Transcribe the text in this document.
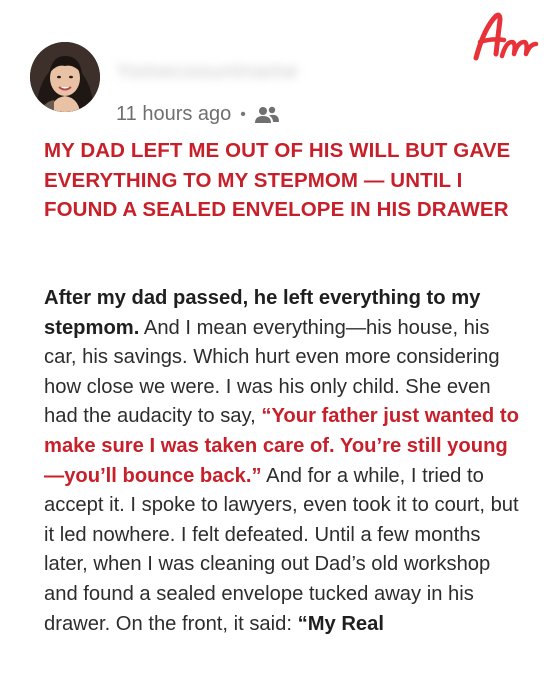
Yomecoountname
11 hours ago •
MY DAD LEFT ME OUT OF HIS WILL BUT GAVE EVERYTHING TO MY STEPMOM — UNTIL I FOUND A SEALED ENVELOPE IN HIS DRAWER

After my dad passed, he left everything to my stepmom. And I mean everything—his house, his car, his savings. Which hurt even more considering how close we were. I was his only child. She even had the audacity to say, “Your father just wanted to make sure I was taken care of. You’re still young—you’ll bounce back.” And for a while, I tried to accept it. I spoke to lawyers, even took it to court, but it led nowhere. I felt defeated. Until a few months later, when I was cleaning out Dad’s old workshop and found a sealed envelope tucked away in his drawer. On the front, it said: “My Real
